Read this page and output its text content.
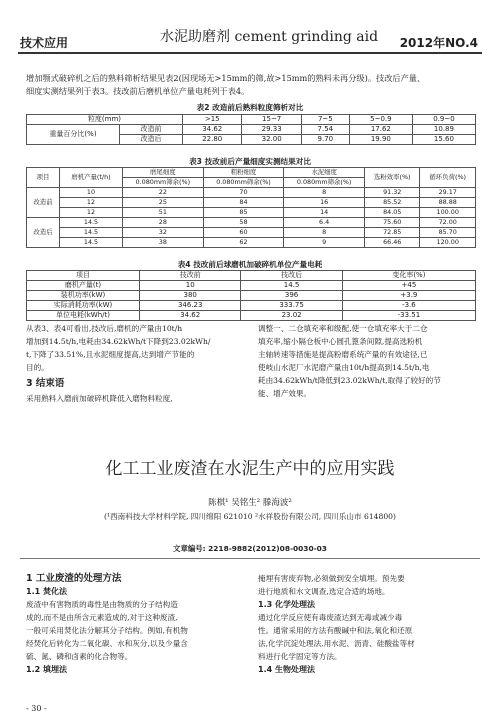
技术应用	水泥助磨剂 cement grinding aid 2012年NO.4
增加颚式破碎机之后的熟料筛析结果见表2(因现场无>15mm的筛,故>15mm的熟料未再分级)。技改后产量、
细度实测结果列于表3。技改前后磨机单位产量电耗列于表4。
表2 改造前后熟料粒度筛析对比
粒度(mm)		>15	15~7	7~5	5~0.9	0.9~0
重量百分比(%)	改造前	34.62	29.33	7.54	17.62	10.89
	改造后	22.80	32.00	9.70	19.90	15.60
表3 技改前后产量细度实测结果对比
项目	磨机产量(t/h)	磨尾细度	粗粉细度	水泥细度	选粉效率(%)	循环负荷(%)
		0.080mm筛余(%)	0.080mm筛余(%)	0.080mm筛余(%)		
改造前	10	22	70	8	91.32	29.17
	12	25	84	16	85.52	88.88
	12	51	85	14	84.05	100.00
改造后	14.5	28	58	6.4	75.60	72.00
	14.5	32	60	8	72.85	85.70
	14.5	38	62	9	66.46	120.00
表4 技改前后球磨机加破碎机单位产量电耗
项目	技改前	技改后	变化率(%)
磨机产量(t)	10	14.5	+45
装机功率(kW)	380	396	+3.9
实际消耗功率(kW)	346.23	333.75	-3.6
单位电耗(kWh/t)	34.62	23.02	-33.51
从表3、表4可看出,技改后,磨机的产量由10t/h
增加到14.5t/h,电耗由34.62kWh/t下降到23.02kWh/
t,下降了33.51%,且水泥细度提高,达到增产节能的
目的。
3 结束语
采用熟料入磨前加破碎机降低入磨物料粒度,
调整一、二仓填充率和级配,使一仓填充率大于二仓
填充率,缩小隔仓板中心圆孔篦条间隙,提高选粉机
主轴转速等措施是提高粉磨系统产量的有效途径,已
使岐山水泥厂水泥磨产量由10t/h提高到14.5t/h,电
耗由34.62kWh/t降低到23.02kWh/t,取得了较好的节
能、增产效果。
化工工业废渣在水泥生产中的应用实践
陈棋¹ 吴铭生² 滕海波²
(¹西南科技大学材料学院, 四川绵阳 621010 ²水祥股份有限公司, 四川乐山市 614800)
文章编号: 2218-9882(2012)08-0030-03
1 工业废渣的处理方法
1.1 焚化法
废渣中有害物质的毒性是由物质的分子结构造
成的,而不是由所含元素造成的,对于这种废渣,
一般可采用焚化法分解其分子结构。例如,有机物
经焚化后转化为二氧化碳、水和灰分,以及少量含
硫、氮、磷和卤素的化合物等。
1.2 填埋法
掩埋有害废弃物,必须做到安全填埋。预先要
进行地质和水文调查,选定合适的场地。
1.3 化学处理法
通过化学反应使有毒废渣达到无毒或减少毒
性。通常采用的方法有酸碱中和法,氧化和还原
法,化学沉淀处理法,用水泥、沥青、硅酸盐等材
料进行化学固定等方法。
1.4 生物处理法
- 30 -
